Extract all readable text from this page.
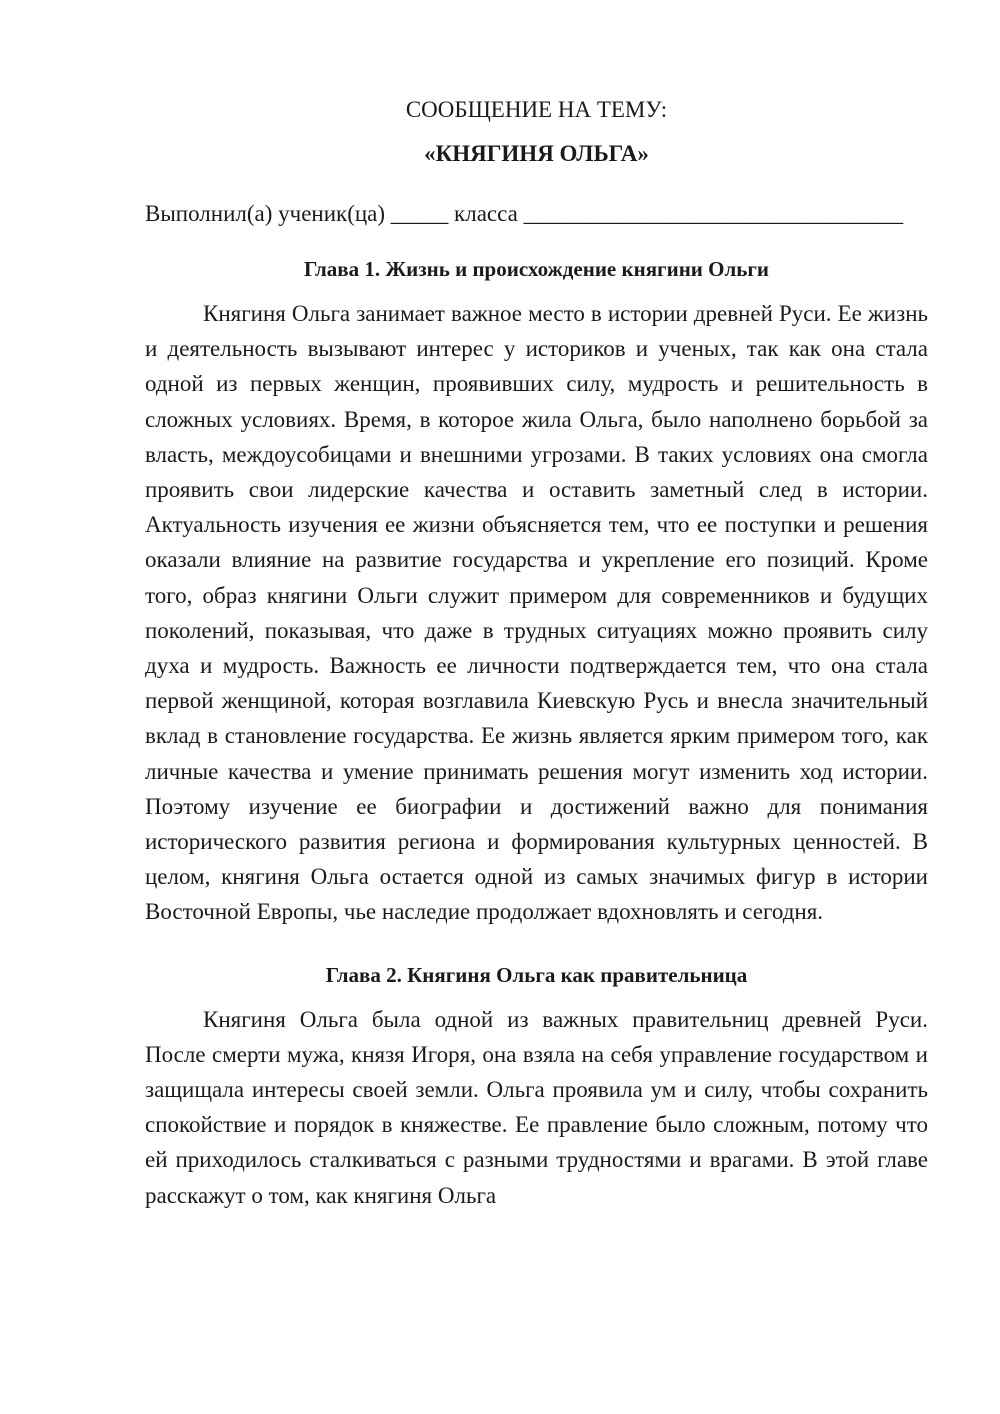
СООБЩЕНИЕ НА ТЕМУ:

«КНЯГИНЯ ОЛЬГА»

Выполнил(а) ученик(ца) _____ класса _________________________________

Глава 1. Жизнь и происхождение княгини Ольги

Княгиня Ольга занимает важное место в истории древней Руси. Ее жизнь и деятельность вызывают интерес у историков и ученых, так как она стала одной из первых женщин, проявивших силу, мудрость и решительность в сложных условиях. Время, в которое жила Ольга, было наполнено борьбой за власть, междоусобицами и внешними угрозами. В таких условиях она смогла проявить свои лидерские качества и оставить заметный след в истории. Актуальность изучения ее жизни объясняется тем, что ее поступки и решения оказали влияние на развитие государства и укрепление его позиций. Кроме того, образ княгини Ольги служит примером для современников и будущих поколений, показывая, что даже в трудных ситуациях можно проявить силу духа и мудрость. Важность ее личности подтверждается тем, что она стала первой женщиной, которая возглавила Киевскую Русь и внесла значительный вклад в становление государства. Ее жизнь является ярким примером того, как личные качества и умение принимать решения могут изменить ход истории. Поэтому изучение ее биографии и достижений важно для понимания исторического развития региона и формирования культурных ценностей. В целом, княгиня Ольга остается одной из самых значимых фигур в истории Восточной Европы, чье наследие продолжает вдохновлять и сегодня.

Глава 2. Княгиня Ольга как правительница

Княгиня Ольга была одной из важных правительниц древней Руси. После смерти мужа, князя Игоря, она взяла на себя управление государством и защищала интересы своей земли. Ольга проявила ум и силу, чтобы сохранить спокойствие и порядок в княжестве. Ее правление было сложным, потому что ей приходилось сталкиваться с разными трудностями и врагами. В этой главе расскажут о том, как княгиня Ольга
